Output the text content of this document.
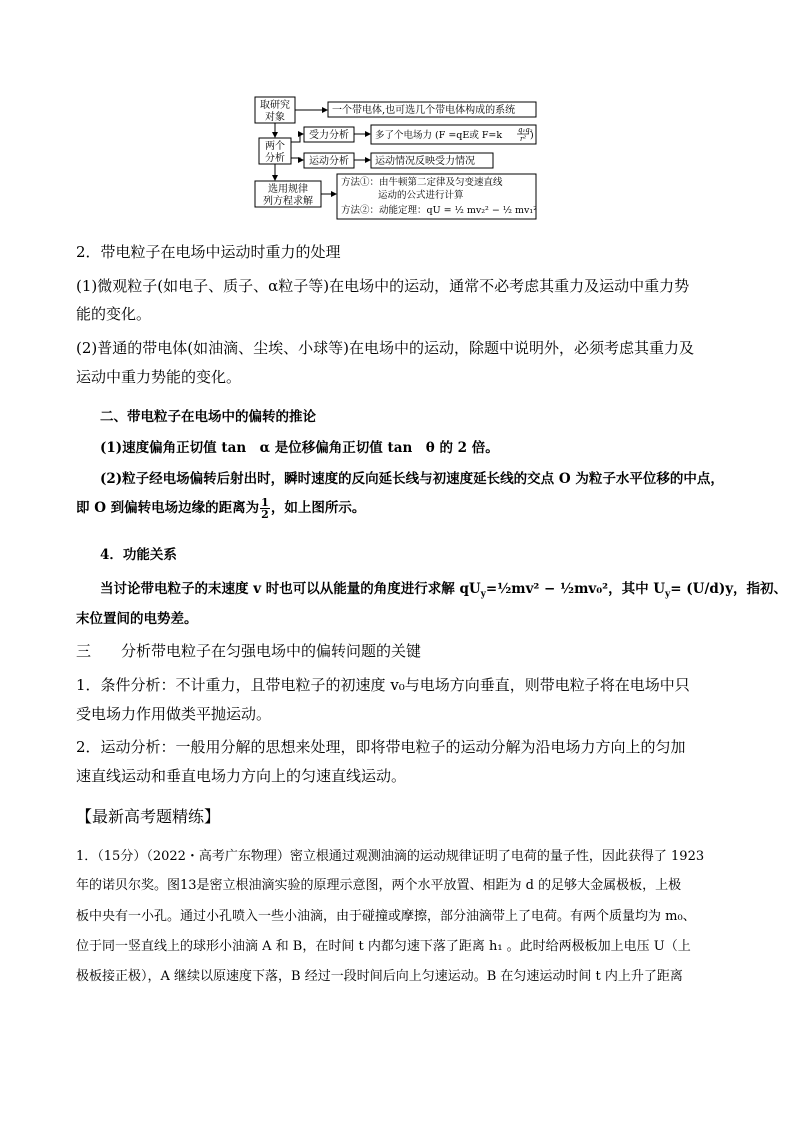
取研究
对象
一个带电体,也可选几个带电体构成的系统
两个
分析
受力分析	多了个电场力 (F =qE或 F=k q₁q₂
r² )
运动分析	运动情况反映受力情况
选用规律
列方程求解
方法①：由牛顿第二定律及匀变速直线
运动的公式进行计算
方法②：动能定理：qU = ½ mv₂² − ½ mv₁²
2．带电粒子在电场中运动时重力的处理
(1)微观粒子(如电子、质子、α粒子等)在电场中的运动，通常不必考虑其重力及运动中重力势
能的变化。
(2)普通的带电体(如油滴、尘埃、小球等)在电场中的运动，除题中说明外，必须考虑其重力及
运动中重力势能的变化。
二、带电粒子在电场中的偏转的推论
(1)速度偏角正切值 tan　α 是位移偏角正切值 tan　θ 的 2 倍。
(2)粒子经电场偏转后射出时，瞬时速度的反向延长线与初速度延长线的交点 O 为粒子水平位移的中点，
即 O 到偏转电场边缘的距离为 $\frac{1}{2}$ ，如上图所示。
4．功能关系
当讨论带电粒子的末速度 v 时也可以从能量的角度进行求解 $qU_y=\frac{1}{2}mv^2$ − ½mv₀²，其中 $U_y= (U/d)y$，指初、
末位置间的电势差。
三　　分析带电粒子在匀强电场中的偏转问题的关键
1．条件分析：不计重力，且带电粒子的初速度 v₀与电场方向垂直，则带电粒子将在电场中只
受电场力作用做类平抛运动。
2．运动分析：一般用分解的思想来处理，即将带电粒子的运动分解为沿电场力方向上的匀加
速直线运动和垂直电场力方向上的匀速直线运动。
【最新高考题精练】
1．（15分）（2022・高考广东物理）密立根通过观测油滴的运动规律证明了电荷的量子性，因此获得了 1923
年的诺贝尔奖。图13是密立根油滴实验的原理示意图，两个水平放置、相距为 d 的足够大金属极板，上极
板中央有一小孔。通过小孔喷入一些小油滴，由于碰撞或摩擦，部分油滴带上了电荷。有两个质量均为 m₀、
位于同一竖直线上的球形小油滴 A 和 B，在时间 t 内都匀速下落了距离 h₁ 。此时给两极板加上电压 U（上
极板接正极），A 继续以原速度下落，B 经过一段时间后向上匀速运动。B 在匀速运动时间 t 内上升了距离
